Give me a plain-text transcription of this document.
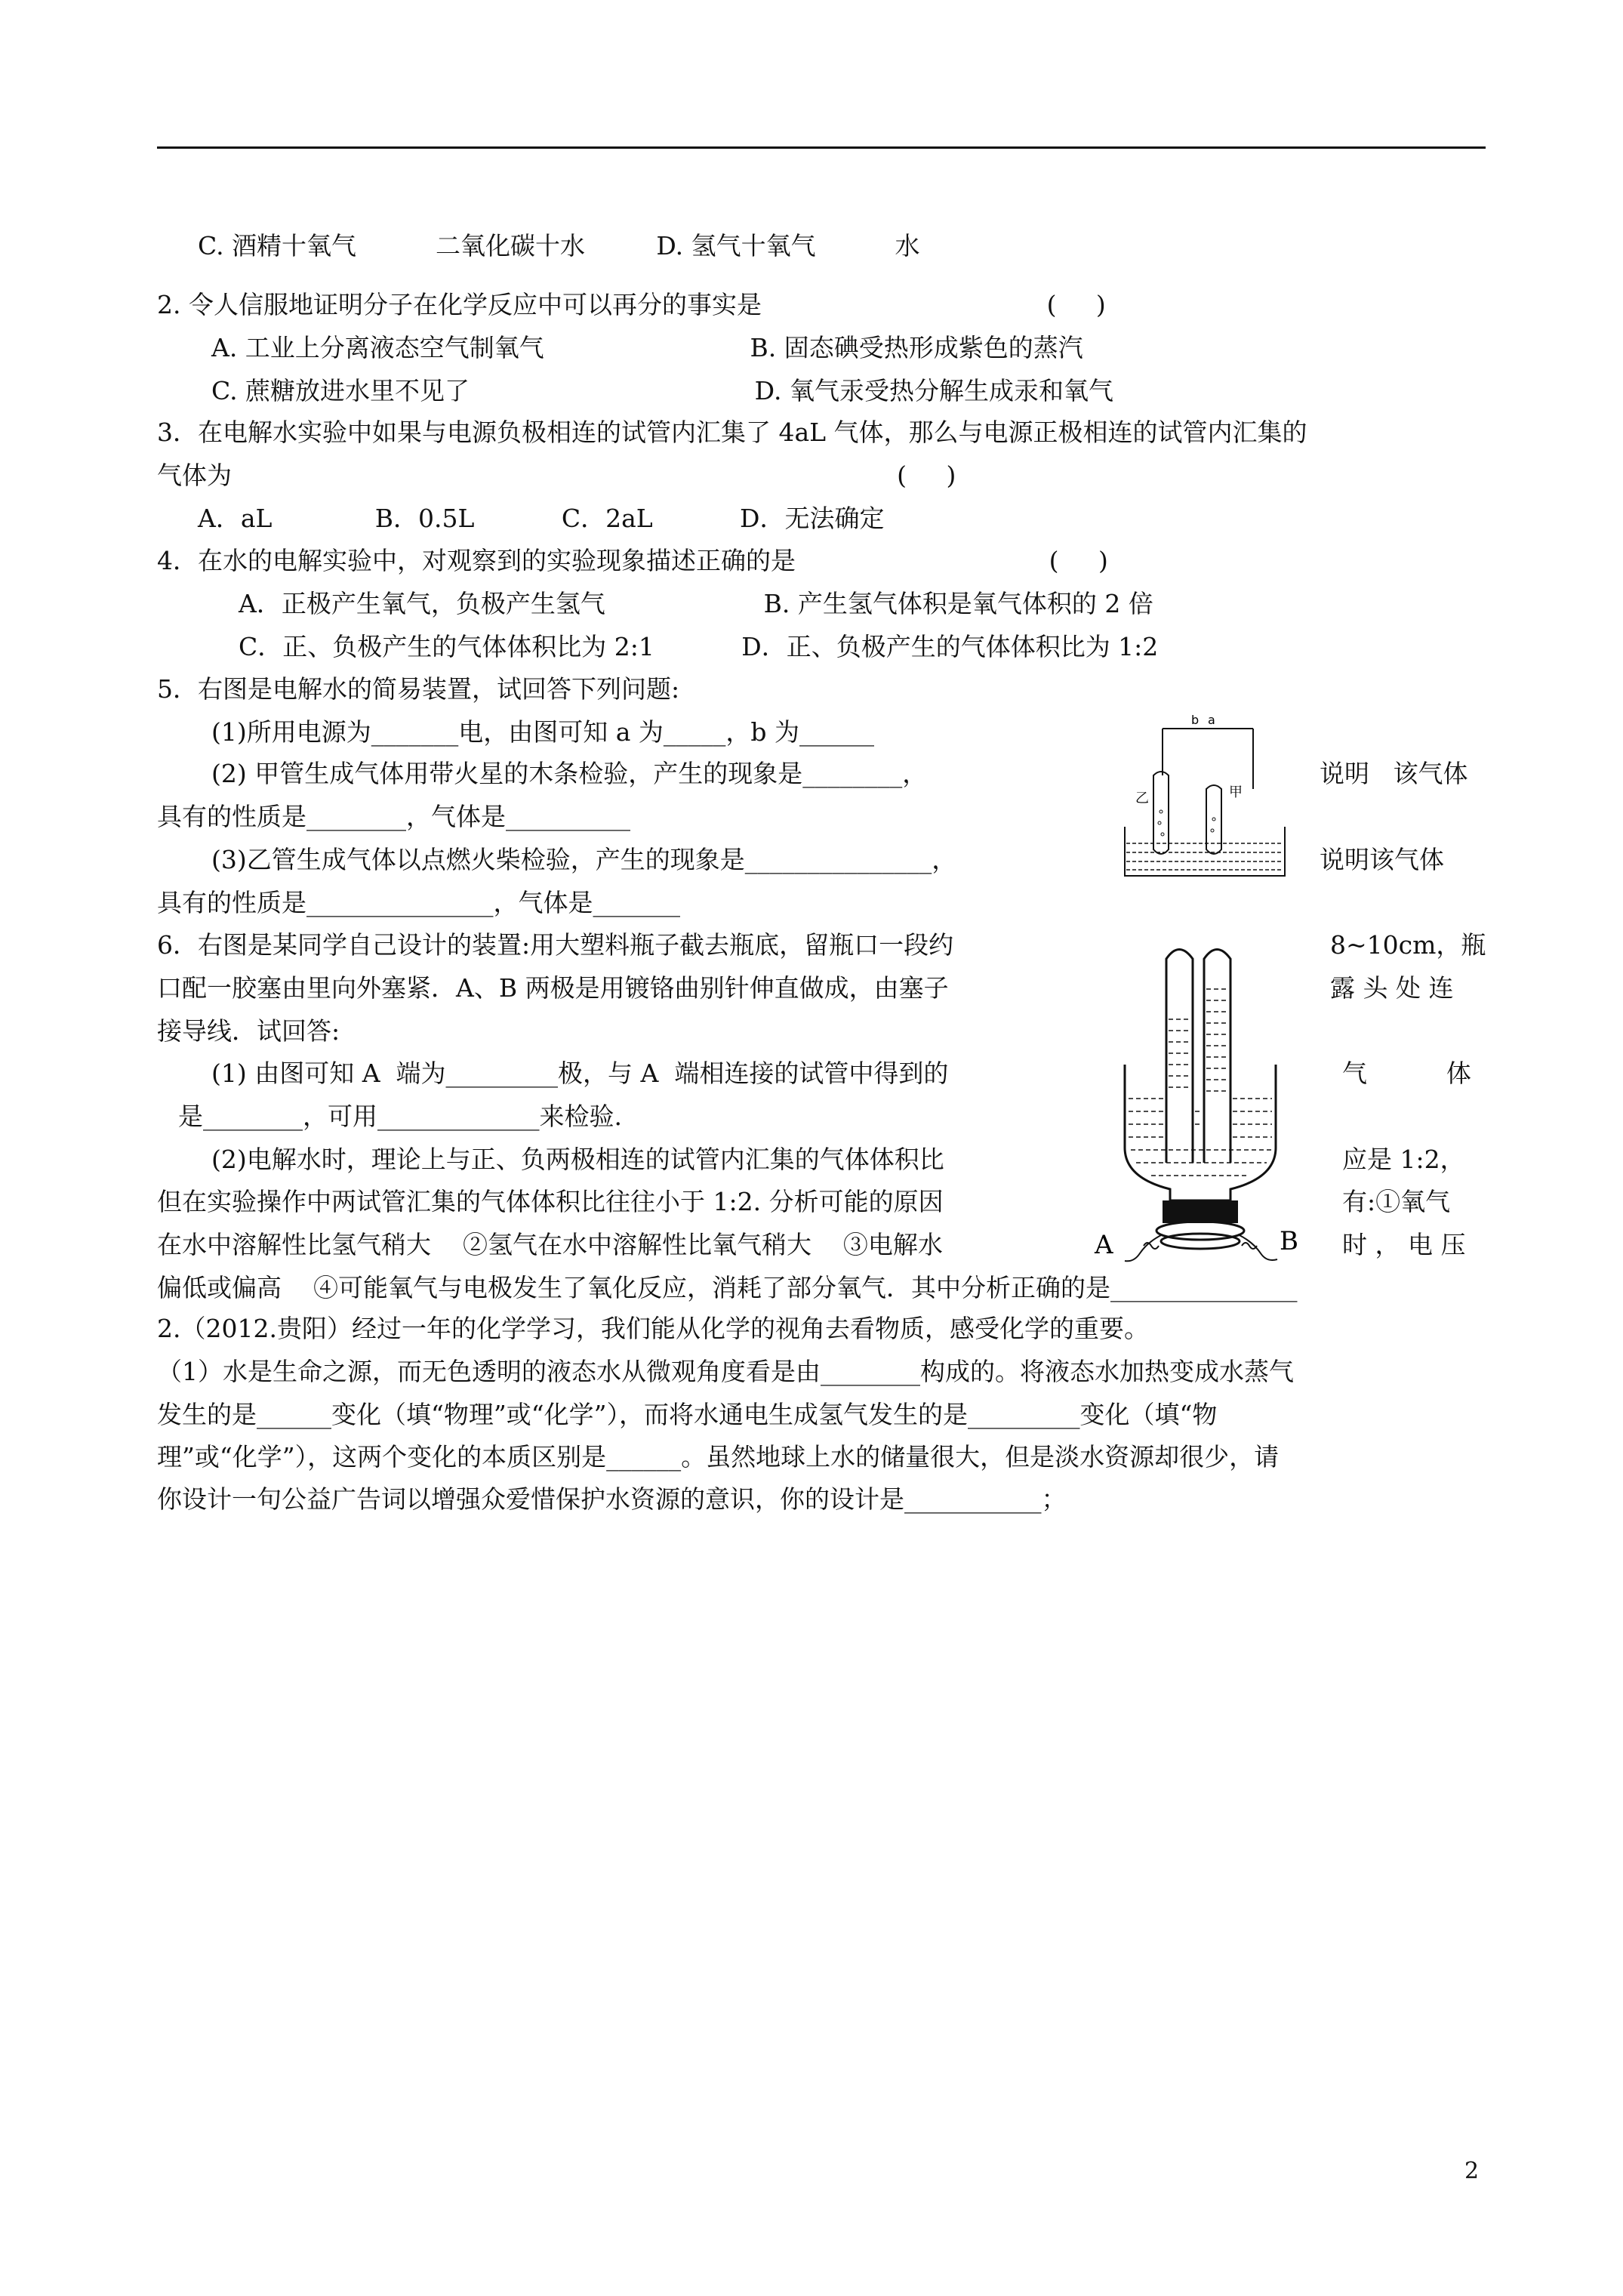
C. 酒精十氧气          二氧化碳十水         D. 氢气十氧气          水
2. 令人信服地证明分子在化学反应中可以再分的事实是                                    (     )
A. 工业上分离液态空气制氧气                          B. 固态碘受热形成紫色的蒸汽
C. 蔗糖放进水里不见了                                    D. 氧气汞受热分解生成汞和氧气
3．在电解水实验中如果与电源负极相连的试管内汇集了 4aL 气体，那么与电源正极相连的试管内汇集的
气体为                                                                                    (     )
A．aL             B．0.5L           C．2aL           D．无法确定
4．在水的电解实验中，对观察到的实验现象描述正确的是                                (     )
A．正极产生氧气，负极产生氢气                    B. 产生氢气体积是氧气体积的 2 倍
C．正、负极产生的气体体积比为 2:1           D．正、负极产生的气体体积比为 1:2
5．右图是电解水的简易装置，试回答下列问题:
(1)所用电源为_______电，由图可知 a 为_____，b 为______
(2) 甲管生成气体用带火星的木条检验，产生的现象是________，
具有的性质是________，气体是__________
(3)乙管生成气体以点燃火柴检验，产生的现象是_______________，
具有的性质是_______________，气体是_______
6．右图是某同学自己设计的装置:用大塑料瓶子截去瓶底，留瓶口一段约
口配一胶塞由里向外塞紧．A、B 两极是用镀铬曲别针伸直做成，由塞子
接导线．试回答:
(1) 由图可知 A  端为_________极，与 A  端相连接的试管中得到的
是________，可用_____________来检验.
(2)电解水时，理论上与正、负两极相连的试管内汇集的气体体积比
但在实验操作中两试管汇集的气体体积比往往小于 1:2. 分析可能的原因
在水中溶解性比氢气稍大    ②氢气在水中溶解性比氧气稍大    ③电解水
偏低或偏高    ④可能氧气与电极发生了氧化反应，消耗了部分氧气．其中分析正确的是_______________
2.（2012.贵阳）经过一年的化学学习，我们能从化学的视角去看物质，感受化学的重要。
（1）水是生命之源，而无色透明的液态水从微观角度看是由________构成的。将液态水加热变成水蒸气
发生的是______变化（填“物理”或“化学”），而将水通电生成氢气发生的是_________变化（填“物
理”或“化学”），这两个变化的本质区别是______。虽然地球上水的储量很大，但是淡水资源却很少，请
你设计一句公益广告词以增强众爱惜保护水资源的意识，你的设计是___________；
说明   该气体
说明该气体
8~10cm，瓶
露 头 处 连
气          体
应是 1:2，
有:①氧气
时 ， 电 压
b a
乙	甲
A	B
2
